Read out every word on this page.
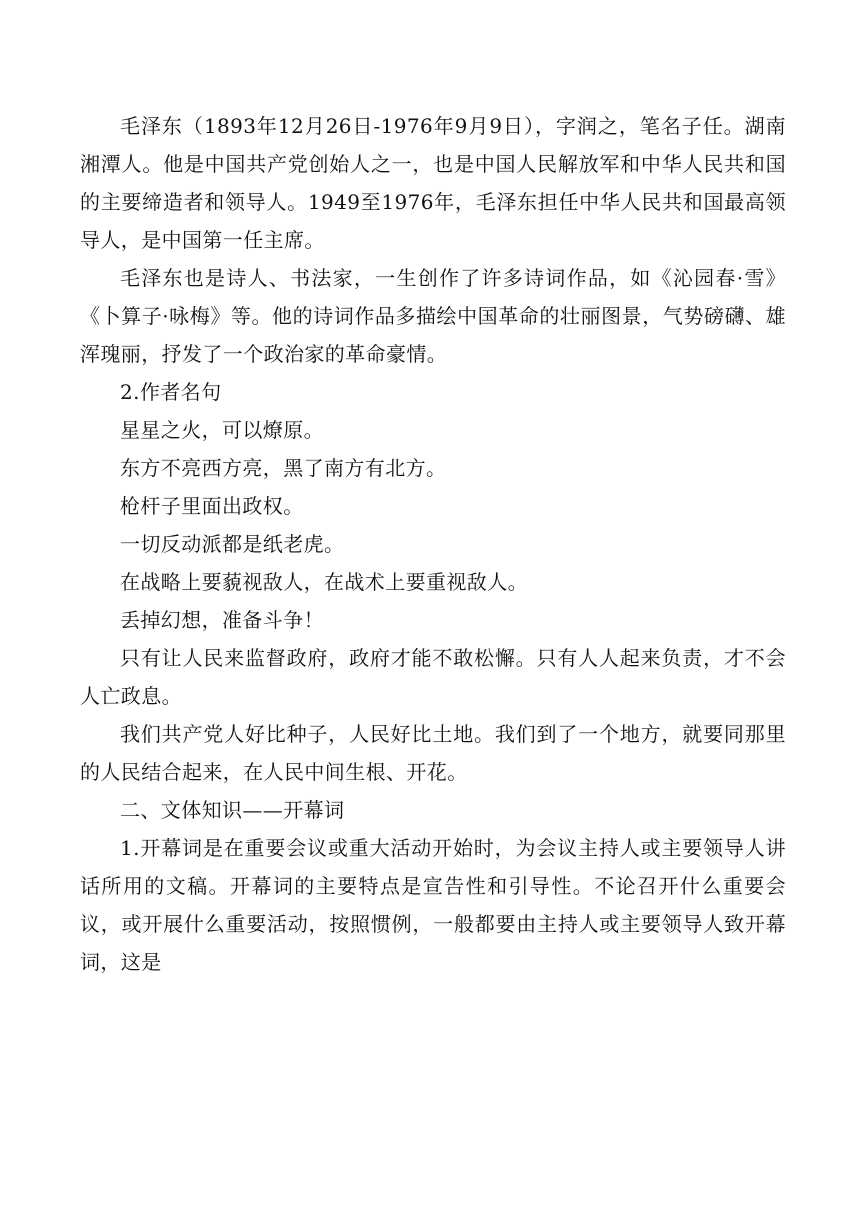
毛泽东（1893年12月26日-1976年9月9日），字润之，笔名子任。湖南湘潭人。他是中国共产党创始人之一，也是中国人民解放军和中华人民共和国的主要缔造者和领导人。1949至1976年，毛泽东担任中华人民共和国最高领导人，是中国第一任主席。

毛泽东也是诗人、书法家，一生创作了许多诗词作品，如《沁园春·雪》《卜算子·咏梅》等。他的诗词作品多描绘中国革命的壮丽图景，气势磅礴、雄浑瑰丽，抒发了一个政治家的革命豪情。

2.作者名句

星星之火，可以燎原。

东方不亮西方亮，黑了南方有北方。

枪杆子里面出政权。

一切反动派都是纸老虎。

在战略上要藐视敌人，在战术上要重视敌人。

丢掉幻想，准备斗争！

只有让人民来监督政府，政府才能不敢松懈。只有人人起来负责，才不会人亡政息。

我们共产党人好比种子，人民好比土地。我们到了一个地方，就要同那里的人民结合起来，在人民中间生根、开花。

二、文体知识——开幕词

1.开幕词是在重要会议或重大活动开始时，为会议主持人或主要领导人讲话所用的文稿。开幕词的主要特点是宣告性和引导性。不论召开什么重要会议，或开展什么重要活动，按照惯例，一般都要由主持人或主要领导人致开幕词，这是
